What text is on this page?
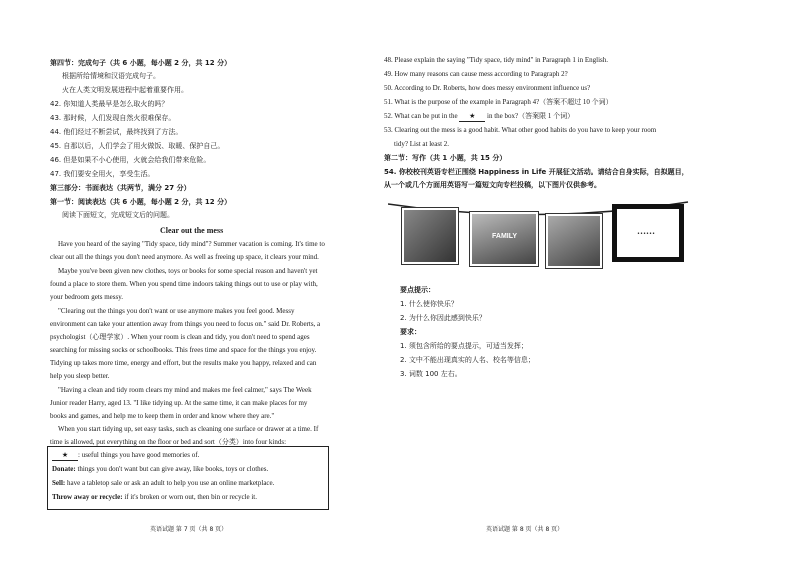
第四节：完成句子（共 6 小题，每小题 2 分，共 12 分）
根据所给情境和汉语完成句子。
火在人类文明发展进程中起着重要作用。
42. 你知道人类最早是怎么取火的吗？
43. 那时候，人们发现自然火很难保存。
44. 他们经过不断尝试，最终找到了方法。
45. 自那以后，人们学会了用火做饭、取暖、保护自己。
46. 但是如果不小心使用，火就会给我们带来危险。
47. 我们要安全用火，享受生活。
第三部分：书面表达（共两节，满分 27 分）
第一节：阅读表达（共 6 小题，每小题 2 分，共 12 分）
阅读下面短文，完成短文后的问题。
Clear out the mess
Have you heard of the saying "Tidy space, tidy mind"? Summer vacation is coming. It's time to
clear out all the things you don't need anymore. As well as freeing up space, it clears your mind.
Maybe you've been given new clothes, toys or books for some special reason and haven't yet
found a place to store them. When you spend time indoors taking things out to use or play with,
your bedroom gets messy.
"Clearing out the things you don't want or use anymore makes you feel good. Messy
environment can take your attention away from things you need to focus on." said Dr. Roberts, a
psychologist（心理学家）. When your room is clean and tidy, you don't need to spend ages
searching for missing socks or schoolbooks. This frees time and space for the things you enjoy.
Tidying up takes more time, energy and effort, but the results make you happy, relaxed and can
help you sleep better.
"Having a clean and tidy room clears my mind and makes me feel calmer," says The Week
Junior reader Harry, aged 13. "I like tidying up. At the same time, it can make places for my
books and games, and help me to keep them in order and know where they are."
When you start tidying up, set easy tasks, such as cleaning one surface or drawer at a time. If
time is allowed, put everything on the floor or bed and sort（分类）into four kinds:
★ : useful things you have good memories of.
Donate: things you don't want but can give away, like books, toys or clothes.
Sell: have a tabletop sale or ask an adult to help you use an online marketplace.
Throw away or recycle: if it's broken or worn out, then bin or recycle it.
英语试题 第 7 页（共 8 页）
48. Please explain the saying "Tidy space, tidy mind" in Paragraph 1 in English.
49. How many reasons can cause mess according to Paragraph 2?
50. According to Dr. Roberts, how does messy environment influence us?
51. What is the purpose of the example in Paragraph 4?（答案不超过 10 个词）
52. What can be put in the ★ in the box?（答案限 1 个词）
53. Clearing out the mess is a good habit. What other good habits do you have to keep your room
tidy? List at least 2.
第二节：写作（共 1 小题，共 15 分）
54. 你校校刊英语专栏正围绕 Happiness in Life 开展征文活动。请结合自身实际，自拟题目，
从一个或几个方面用英语写一篇短文向专栏投稿，以下图片仅供参考。
FAMILY
……
要点提示：
1. 什么使你快乐？
2. 为什么你因此感到快乐？
要求：
1. 须包含所给的要点提示，可适当发挥；
2. 文中不能出现真实的人名、校名等信息；
3. 词数 100 左右。
英语试题 第 8 页（共 8 页）
